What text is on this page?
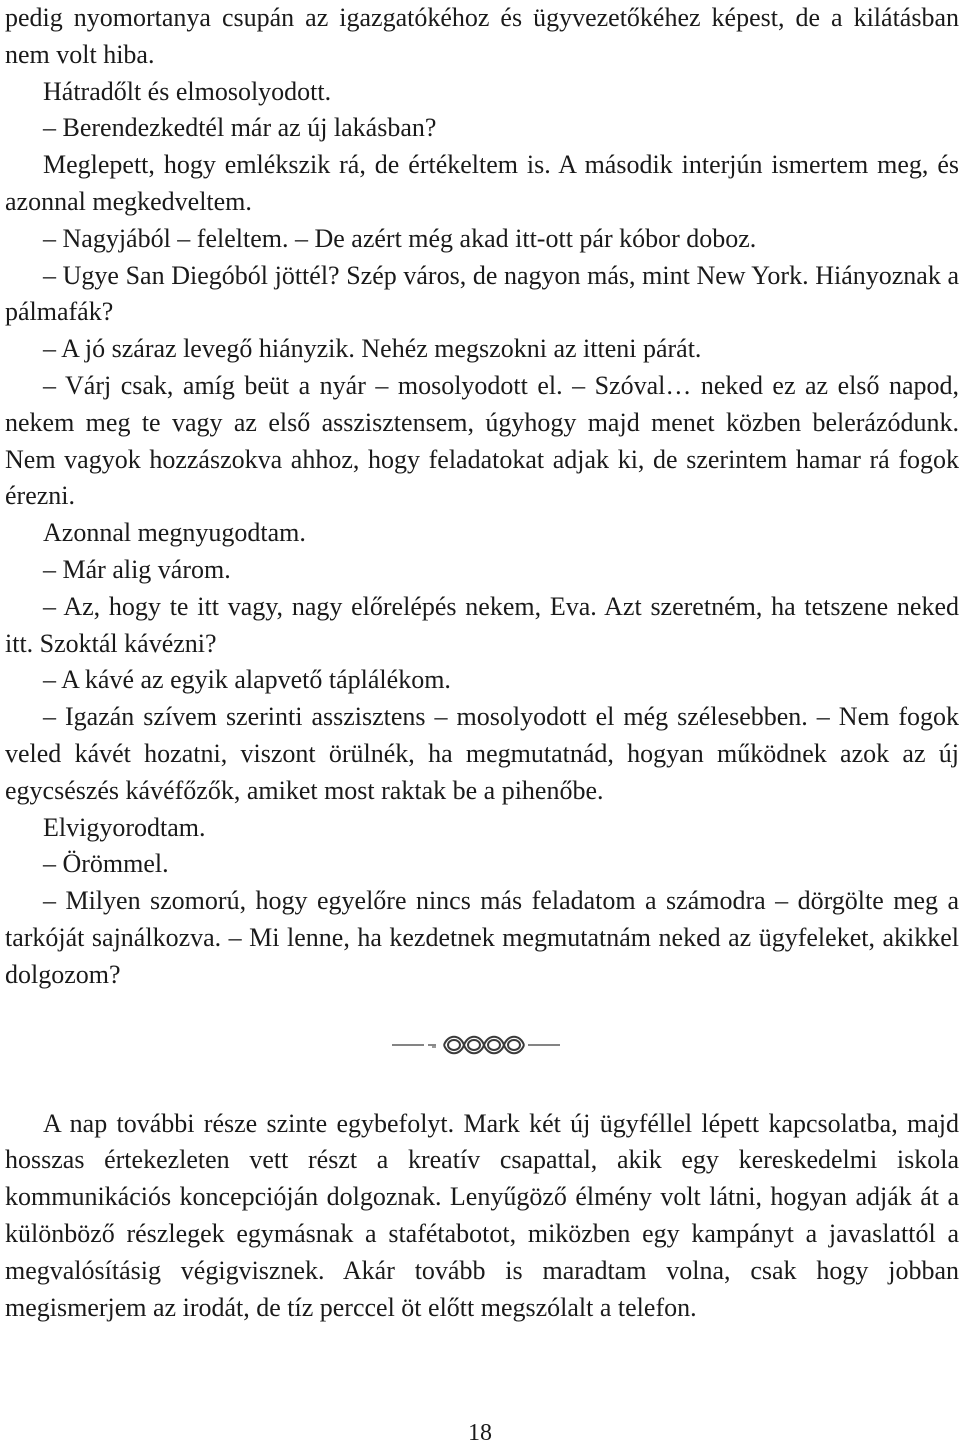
pedig nyomortanya csupán az igazgatókéhoz és ügyvezetőkéhez képest, de a kilátásban nem volt hiba.

Hátradőlt és elmosolyodott.

– Berendezkedtél már az új lakásban?

Meglepett, hogy emlékszik rá, de értékeltem is. A második interjún ismertem meg, és azonnal megkedveltem.

– Nagyjából – feleltem. – De azért még akad itt-ott pár kóbor doboz.

– Ugye San Diegóból jöttél? Szép város, de nagyon más, mint New York. Hiányoznak a pálmafák?

– A jó száraz levegő hiányzik. Nehéz megszokni az itteni párát.

– Várj csak, amíg beüt a nyár – mosolyodott el. – Szóval… neked ez az első napod, nekem meg te vagy az első asszisztensem, úgyhogy majd menet közben belerázódunk. Nem vagyok hozzászokva ahhoz, hogy feladatokat adjak ki, de szerintem hamar rá fogok érezni.

Azonnal megnyugodtam.

– Már alig várom.

– Az, hogy te itt vagy, nagy előrelépés nekem, Eva. Azt szeretném, ha tetszene neked itt. Szoktál kávézni?

– A kávé az egyik alapvető táplálékom.

– Igazán szívem szerinti asszisztens – mosolyodott el még szélesebben. – Nem fogok veled kávét hozatni, viszont örülnék, ha megmutatnád, hogyan működnek azok az új egycsészés kávéfőzők, amiket most raktak be a pihenőbe.

Elvigyorodtam.

– Örömmel.

– Milyen szomorú, hogy egyelőre nincs más feladatom a számodra – dörgölte meg a tarkóját sajnálkozva. – Mi lenne, ha kezdetnek megmutatnám neked az ügyfeleket, akikkel dolgozom?

A nap további része szinte egybefolyt. Mark két új ügyféllel lépett kapcsolatba, majd hosszas értekezleten vett részt a kreatív csapattal, akik egy kereskedelmi iskola kommunikációs koncepcióján dolgoznak. Lenyűgöző élmény volt látni, hogyan adják át a különböző részlegek egymásnak a stafétabotot, miközben egy kampányt a javaslattól a megvalósításig végigvisznek. Akár tovább is maradtam volna, csak hogy jobban megismerjem az irodát, de tíz perccel öt előtt megszólalt a telefon.

18
